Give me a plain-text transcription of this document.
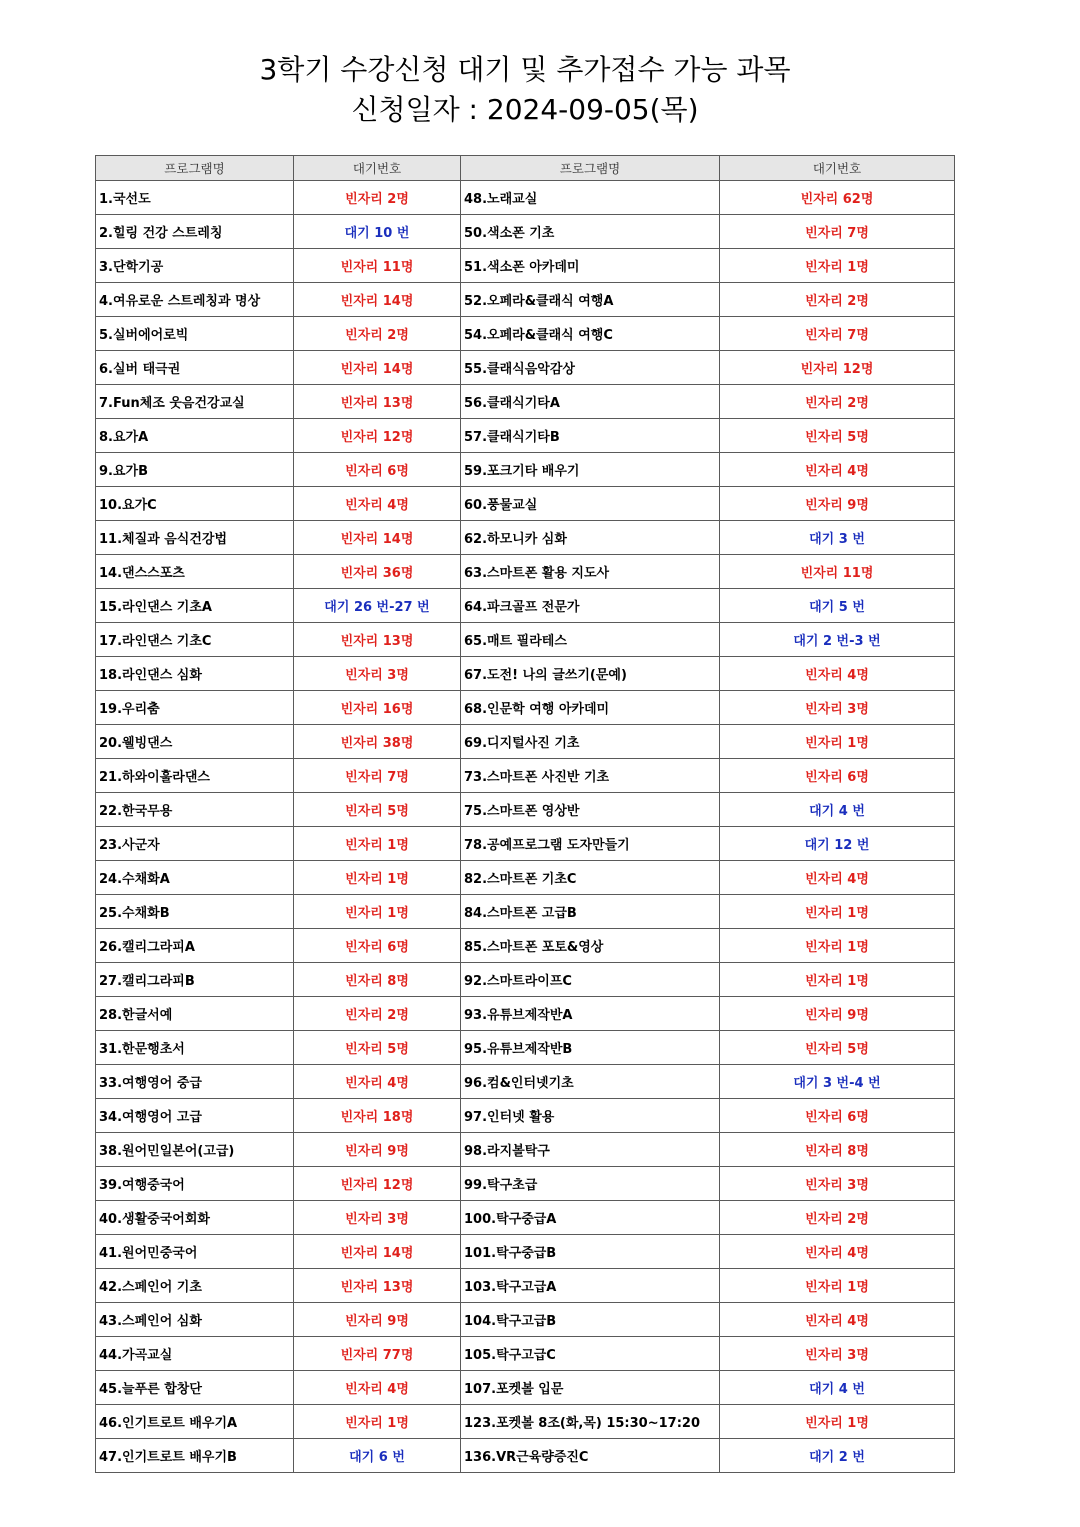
3학기 수강신청 대기 및 추가접수 가능 과목
신청일자 : 2024-09-05(목)
프로그램명	대기번호	프로그램명	대기번호
1.국선도	빈자리 2명	48.노래교실	빈자리 62명
2.힐링 건강 스트레칭	대기 10 번	50.색소폰 기초	빈자리 7명
3.단학기공	빈자리 11명	51.색소폰 아카데미	빈자리 1명
4.여유로운 스트레칭과 명상	빈자리 14명	52.오페라&클래식 여행A	빈자리 2명
5.실버에어로빅	빈자리 2명	54.오페라&클래식 여행C	빈자리 7명
6.실버 태극권	빈자리 14명	55.클래식음악감상	빈자리 12명
7.Fun체조 웃음건강교실	빈자리 13명	56.클래식기타A	빈자리 2명
8.요가A	빈자리 12명	57.클래식기타B	빈자리 5명
9.요가B	빈자리 6명	59.포크기타 배우기	빈자리 4명
10.요가C	빈자리 4명	60.풍물교실	빈자리 9명
11.체질과 음식건강법	빈자리 14명	62.하모니카 심화	대기 3 번
14.댄스스포츠	빈자리 36명	63.스마트폰 활용 지도사	빈자리 11명
15.라인댄스 기초A	대기 26 번-27 번	64.파크골프 전문가	대기 5 번
17.라인댄스 기초C	빈자리 13명	65.매트 필라테스	대기 2 번-3 번
18.라인댄스 심화	빈자리 3명	67.도전! 나의 글쓰기(문예)	빈자리 4명
19.우리춤	빈자리 16명	68.인문학 여행 아카데미	빈자리 3명
20.웰빙댄스	빈자리 38명	69.디지털사진 기초	빈자리 1명
21.하와이훌라댄스	빈자리 7명	73.스마트폰 사진반 기초	빈자리 6명
22.한국무용	빈자리 5명	75.스마트폰 영상반	대기 4 번
23.사군자	빈자리 1명	78.공예프로그램 도자만들기	대기 12 번
24.수채화A	빈자리 1명	82.스마트폰 기초C	빈자리 4명
25.수채화B	빈자리 1명	84.스마트폰 고급B	빈자리 1명
26.캘리그라피A	빈자리 6명	85.스마트폰 포토&영상	빈자리 1명
27.캘리그라피B	빈자리 8명	92.스마트라이프C	빈자리 1명
28.한글서예	빈자리 2명	93.유튜브제작반A	빈자리 9명
31.한문행초서	빈자리 5명	95.유튜브제작반B	빈자리 5명
33.여행영어 중급	빈자리 4명	96.컴&인터넷기초	대기 3 번-4 번
34.여행영어 고급	빈자리 18명	97.인터넷 활용	빈자리 6명
38.원어민일본어(고급)	빈자리 9명	98.라지볼탁구	빈자리 8명
39.여행중국어	빈자리 12명	99.탁구초급	빈자리 3명
40.생활중국어회화	빈자리 3명	100.탁구중급A	빈자리 2명
41.원어민중국어	빈자리 14명	101.탁구중급B	빈자리 4명
42.스페인어 기초	빈자리 13명	103.탁구고급A	빈자리 1명
43.스페인어 심화	빈자리 9명	104.탁구고급B	빈자리 4명
44.가곡교실	빈자리 77명	105.탁구고급C	빈자리 3명
45.늘푸른 합창단	빈자리 4명	107.포켓볼 입문	대기 4 번
46.인기트로트 배우기A	빈자리 1명	123.포켓볼 8조(화,목) 15:30~17:20	빈자리 1명
47.인기트로트 배우기B	대기 6 번	136.VR근육량증진C	대기 2 번
